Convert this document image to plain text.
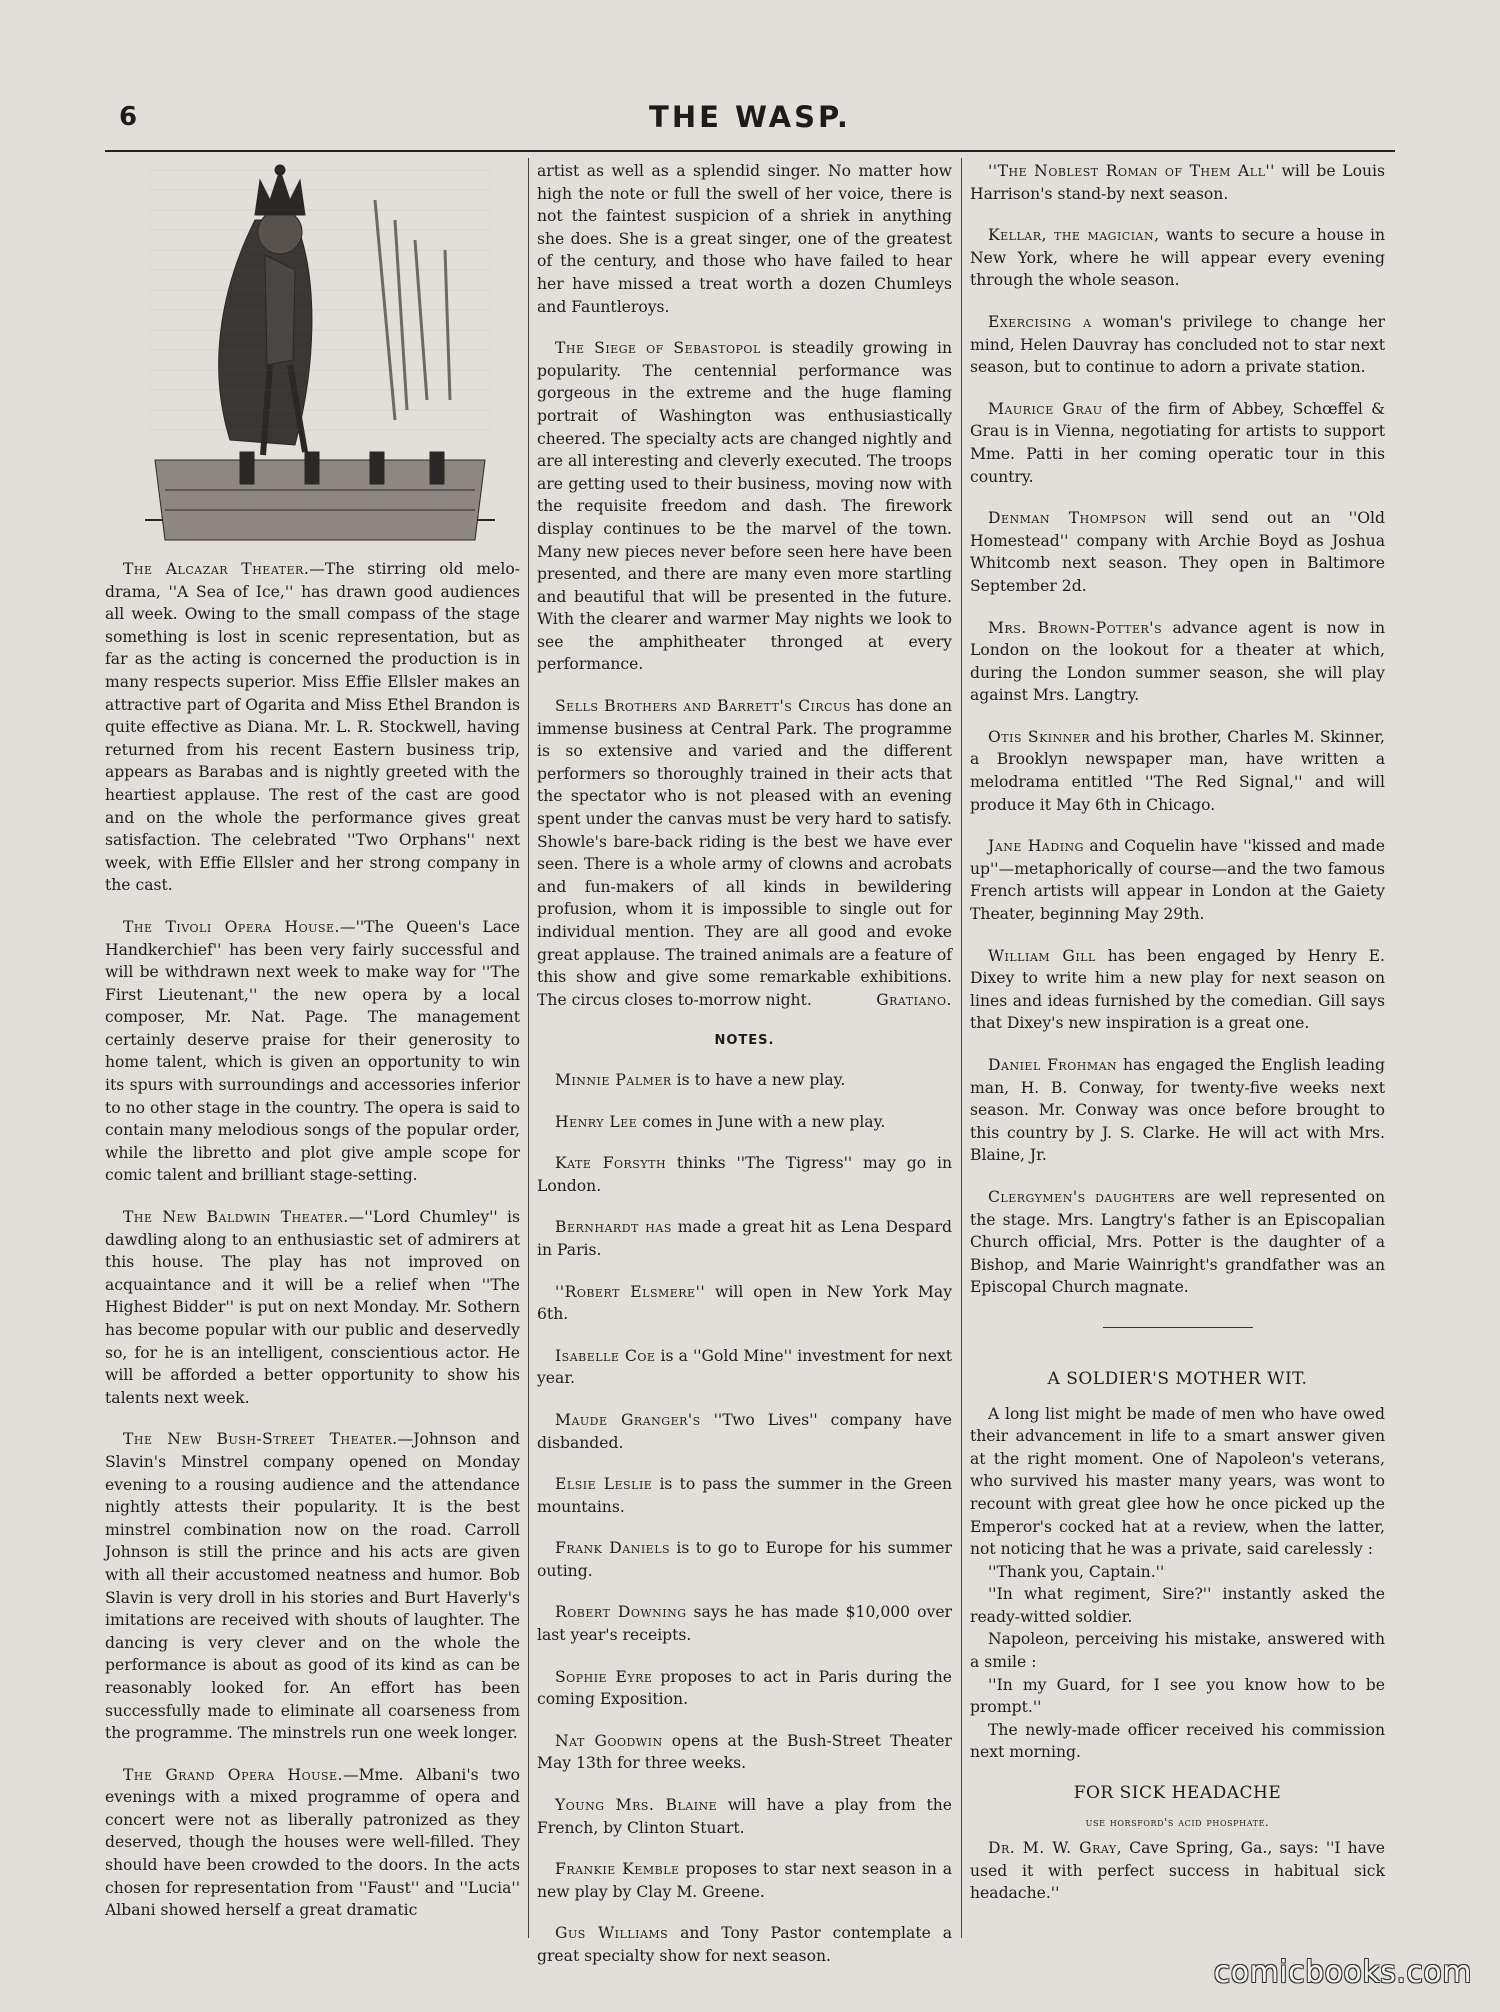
6	THE WASP.

The Alcazar Theater.—The stirring old melo-drama, ''A Sea of Ice,'' has drawn good audiences all week. Owing to the small compass of the stage something is lost in scenic representation, but as far as the acting is concerned the production is in many respects superior. Miss Effie Ellsler makes an attractive part of Ogarita and Miss Ethel Brandon is quite effective as Diana. Mr. L. R. Stockwell, having returned from his recent Eastern business trip, appears as Barabas and is nightly greeted with the heartiest applause. The rest of the cast are good and on the whole the performance gives great satisfaction. The celebrated ''Two Orphans'' next week, with Effie Ellsler and her strong company in the cast.

The Tivoli Opera House.—''The Queen's Lace Handkerchief'' has been very fairly successful and will be withdrawn next week to make way for ''The First Lieutenant,'' the new opera by a local composer, Mr. Nat. Page. The management certainly deserve praise for their generosity to home talent, which is given an opportunity to win its spurs with surroundings and accessories inferior to no other stage in the country. The opera is said to contain many melodious songs of the popular order, while the libretto and plot give ample scope for comic talent and brilliant stage-setting.

The New Baldwin Theater.—''Lord Chumley'' is dawdling along to an enthusiastic set of admirers at this house. The play has not improved on acquaintance and it will be a relief when ''The Highest Bidder'' is put on next Monday. Mr. Sothern has become popular with our public and deservedly so, for he is an intelligent, conscientious actor. He will be afforded a better opportunity to show his talents next week.

The New Bush-Street Theater.—Johnson and Slavin's Minstrel company opened on Monday evening to a rousing audience and the attendance nightly attests their popularity. It is the best minstrel combination now on the road. Carroll Johnson is still the prince and his acts are given with all their accustomed neatness and humor. Bob Slavin is very droll in his stories and Burt Haverly's imitations are received with shouts of laughter. The dancing is very clever and on the whole the performance is about as good of its kind as can be reasonably looked for. An effort has been successfully made to eliminate all coarseness from the programme. The minstrels run one week longer.

The Grand Opera House.—Mme. Albani's two evenings with a mixed programme of opera and concert were not as liberally patronized as they deserved, though the houses were well-filled. They should have been crowded to the doors. In the acts chosen for representation from ''Faust'' and ''Lucia'' Albani showed herself a great dramatic

artist as well as a splendid singer. No matter how high the note or full the swell of her voice, there is not the faintest suspicion of a shriek in anything she does. She is a great singer, one of the greatest of the century, and those who have failed to hear her have missed a treat worth a dozen Chumleys and Fauntleroys.

The Siege of Sebastopol is steadily growing in popularity. The centennial performance was gorgeous in the extreme and the huge flaming portrait of Washington was enthusiastically cheered. The specialty acts are changed nightly and are all interesting and cleverly executed. The troops are getting used to their business, moving now with the requisite freedom and dash. The firework display continues to be the marvel of the town. Many new pieces never before seen here have been presented, and there are many even more startling and beautiful that will be presented in the future. With the clearer and warmer May nights we look to see the amphitheater thronged at every performance.

Sells Brothers and Barrett's Circus has done an immense business at Central Park. The programme is so extensive and varied and the different performers so thoroughly trained in their acts that the spectator who is not pleased with an evening spent under the canvas must be very hard to satisfy. Showle's bare-back riding is the best we have ever seen. There is a whole army of clowns and acrobats and fun-makers of all kinds in bewildering profusion, whom it is impossible to single out for individual mention. They are all good and evoke great applause. The trained animals are a feature of this show and give some remarkable exhibitions. The circus closes to-morrow night.	Gratiano.

NOTES.

Minnie Palmer is to have a new play.

Henry Lee comes in June with a new play.

Kate Forsyth thinks ''The Tigress'' may go in London.

Bernhardt has made a great hit as Lena Despard in Paris.

''Robert Elsmere'' will open in New York May 6th.

Isabelle Coe is a ''Gold Mine'' investment for next year.

Maude Granger's ''Two Lives'' company have disbanded.

Elsie Leslie is to pass the summer in the Green mountains.

Frank Daniels is to go to Europe for his summer outing.

Robert Downing says he has made $10,000 over last year's receipts.

Sophie Eyre proposes to act in Paris during the coming Exposition.

Nat Goodwin opens at the Bush-Street Theater May 13th for three weeks.

Young Mrs. Blaine will have a play from the French, by Clinton Stuart.

Frankie Kemble proposes to star next season in a new play by Clay M. Greene.

Gus Williams and Tony Pastor contemplate a great specialty show for next season.

''The Noblest Roman of Them All'' will be Louis Harrison's stand-by next season.

Kellar, the magician, wants to secure a house in New York, where he will appear every evening through the whole season.

Exercising a woman's privilege to change her mind, Helen Dauvray has concluded not to star next season, but to continue to adorn a private station.

Maurice Grau of the firm of Abbey, Schœffel & Grau is in Vienna, negotiating for artists to support Mme. Patti in her coming operatic tour in this country.

Denman Thompson will send out an ''Old Homestead'' company with Archie Boyd as Joshua Whitcomb next season. They open in Baltimore September 2d.

Mrs. Brown-Potter's advance agent is now in London on the lookout for a theater at which, during the London summer season, she will play against Mrs. Langtry.

Otis Skinner and his brother, Charles M. Skinner, a Brooklyn newspaper man, have written a melodrama entitled ''The Red Signal,'' and will produce it May 6th in Chicago.

Jane Hading and Coquelin have ''kissed and made up''—metaphorically of course—and the two famous French artists will appear in London at the Gaiety Theater, beginning May 29th.

William Gill has been engaged by Henry E. Dixey to write him a new play for next season on lines and ideas furnished by the comedian. Gill says that Dixey's new inspiration is a great one.

Daniel Frohman has engaged the English leading man, H. B. Conway, for twenty-five weeks next season. Mr. Conway was once before brought to this country by J. S. Clarke. He will act with Mrs. Blaine, Jr.

Clergymen's daughters are well represented on the stage. Mrs. Langtry's father is an Episcopalian Church official, Mrs. Potter is the daughter of a Bishop, and Marie Wainright's grandfather was an Episcopal Church magnate.

A SOLDIER'S MOTHER WIT.

A long list might be made of men who have owed their advancement in life to a smart answer given at the right moment. One of Napoleon's veterans, who survived his master many years, was wont to recount with great glee how he once picked up the Emperor's cocked hat at a review, when the latter, not noticing that he was a private, said carelessly :

''Thank you, Captain.''

''In what regiment, Sire?'' instantly asked the ready-witted soldier.

Napoleon, perceiving his mistake, answered with a smile :

''In my Guard, for I see you know how to be prompt.''

The newly-made officer received his commission next morning.

FOR SICK HEADACHE
use horsford's acid phosphate.

Dr. M. W. Gray, Cave Spring, Ga., says: ''I have used it with perfect success in habitual sick headache.''

comicbooks.com
